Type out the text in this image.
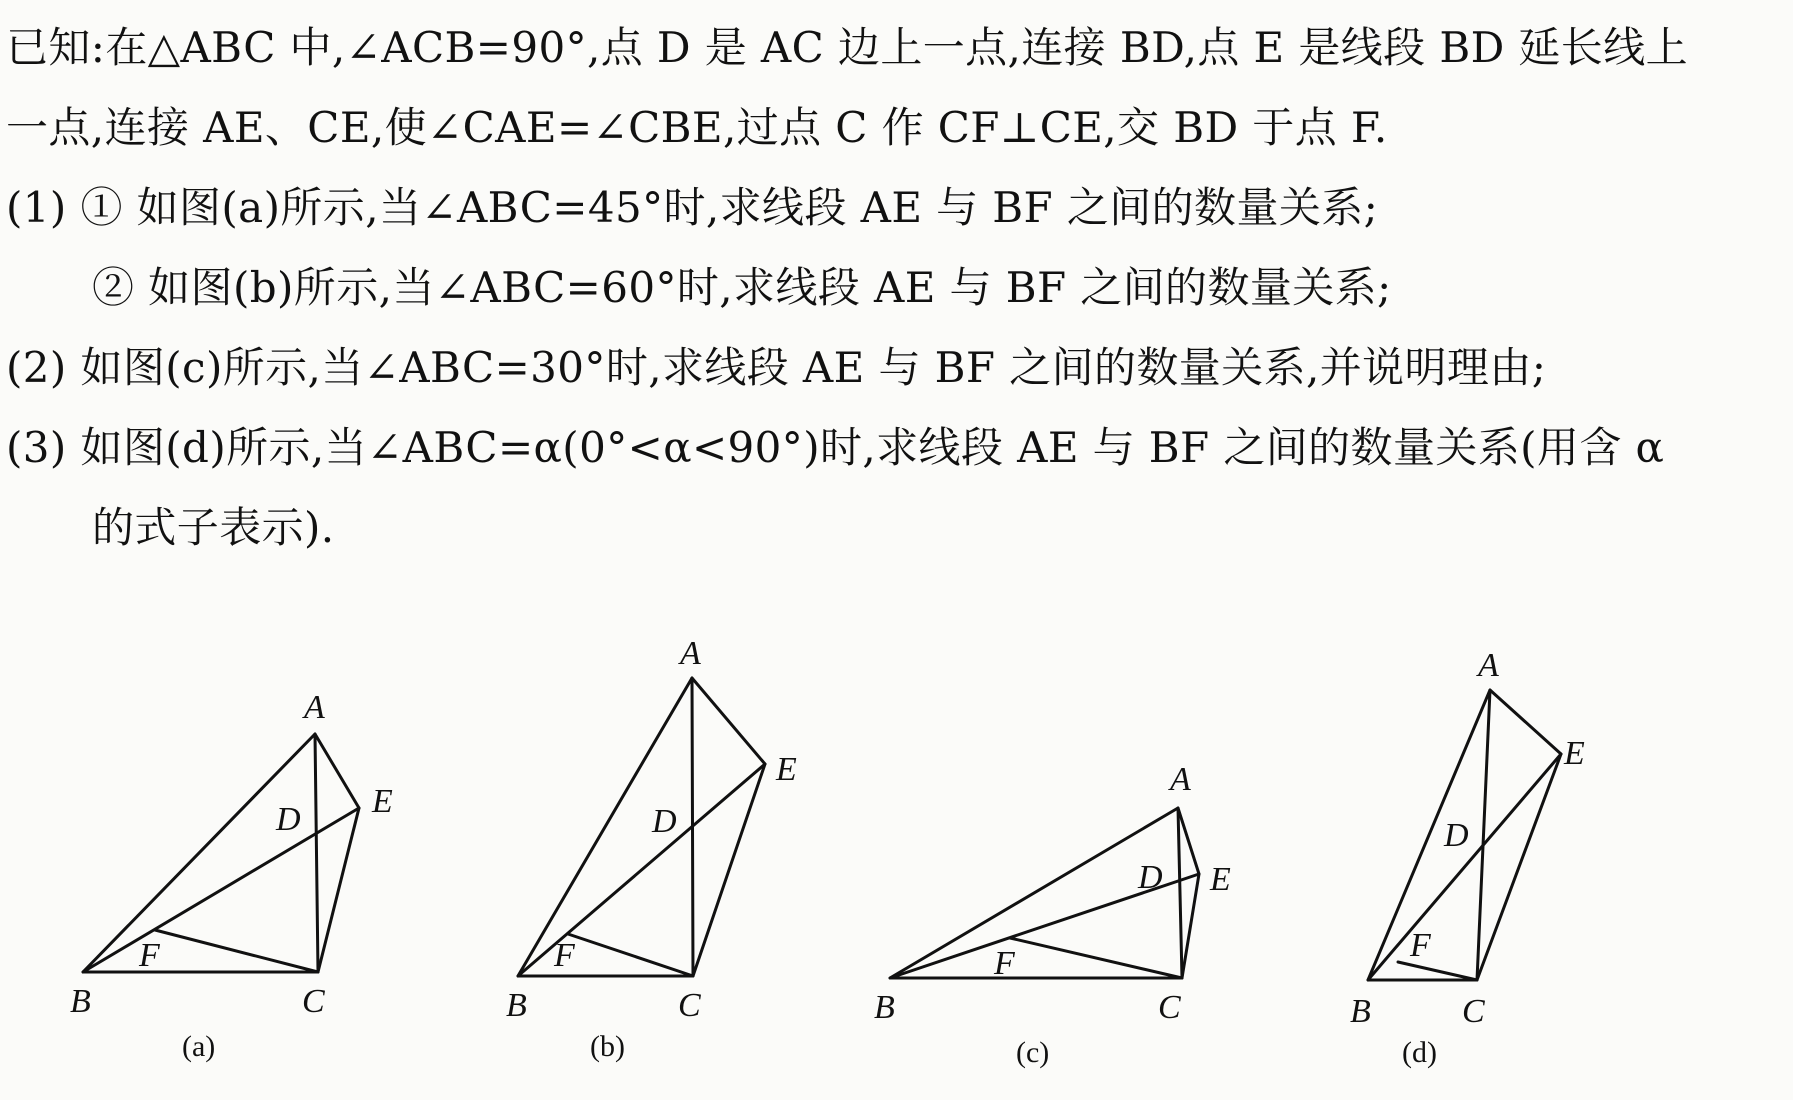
已知:在△ABC 中,∠ACB=90°,点 D 是 AC 边上一点,连接 BD,点 E 是线段 BD 延长线上
一点,连接 AE、CE,使∠CAE=∠CBE,过点 C 作 CF⊥CE,交 BD 于点 F.
(1) ① 如图(a)所示,当∠ABC=45°时,求线段 AE 与 BF 之间的数量关系;
② 如图(b)所示,当∠ABC=60°时,求线段 AE 与 BF 之间的数量关系;
(2) 如图(c)所示,当∠ABC=30°时,求线段 AE 与 BF 之间的数量关系,并说明理由;
(3) 如图(d)所示,当∠ABC=α(0°<α<90°)时,求线段 AE 与 BF 之间的数量关系(用含 α
的式子表示).
A
B	C
D E
F
(a)
A
B	C
D
E
F
(b)
A
B	C
D E
F
(c)
A
B	C
D
E
F
(d)
